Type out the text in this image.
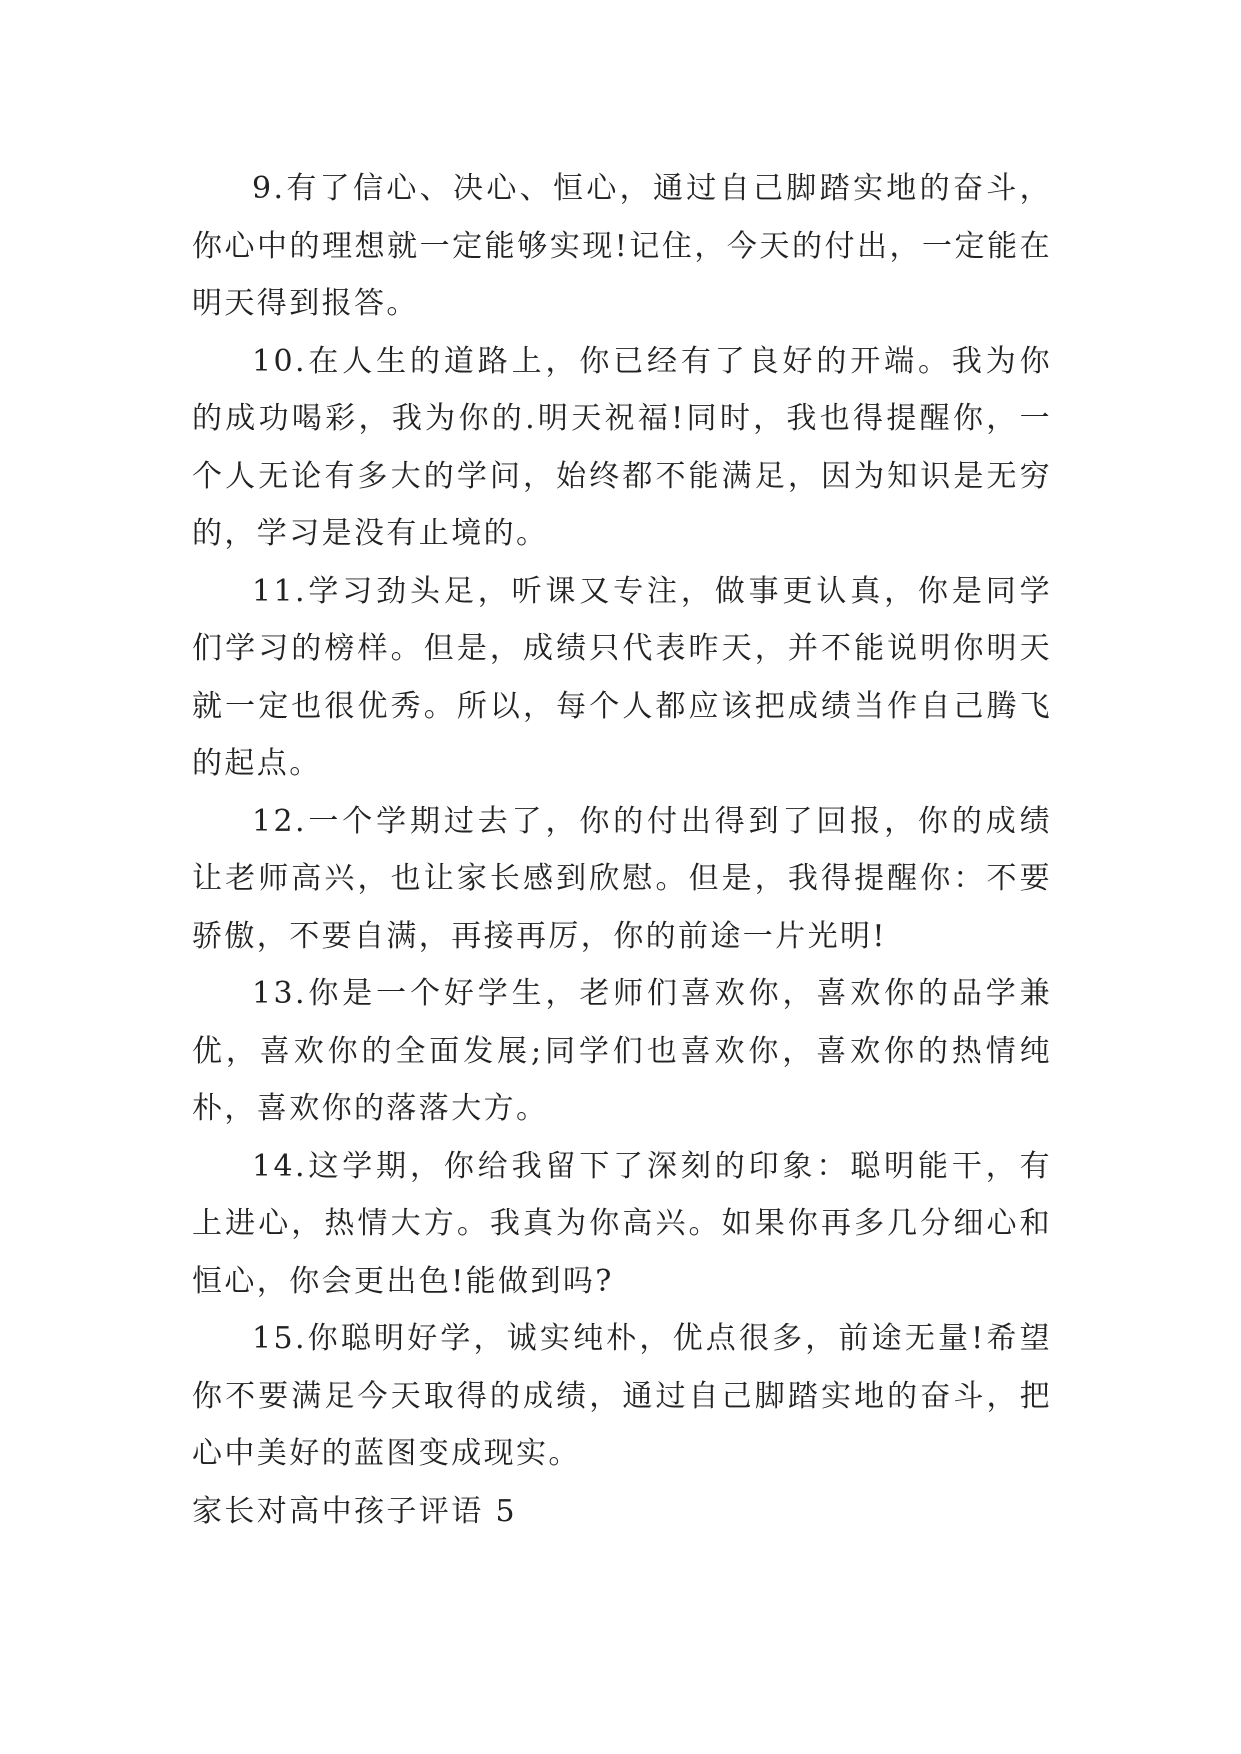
9.有了信心、决心、恒心，通过自己脚踏实地的奋斗，你心中的理想就一定能够实现!记住，今天的付出，一定能在明天得到报答。

10.在人生的道路上，你已经有了良好的开端。我为你的成功喝彩，我为你的.明天祝福!同时，我也得提醒你，一个人无论有多大的学问，始终都不能满足，因为知识是无穷的，学习是没有止境的。

11.学习劲头足，听课又专注，做事更认真，你是同学们学习的榜样。但是，成绩只代表昨天，并不能说明你明天就一定也很优秀。所以，每个人都应该把成绩当作自己腾飞的起点。

12.一个学期过去了，你的付出得到了回报，你的成绩让老师高兴，也让家长感到欣慰。但是，我得提醒你：不要骄傲，不要自满，再接再厉，你的前途一片光明!

13.你是一个好学生，老师们喜欢你，喜欢你的品学兼优，喜欢你的全面发展;同学们也喜欢你，喜欢你的热情纯朴，喜欢你的落落大方。

14.这学期，你给我留下了深刻的印象：聪明能干，有上进心，热情大方。我真为你高兴。如果你再多几分细心和恒心，你会更出色!能做到吗?

15.你聪明好学，诚实纯朴，优点很多，前途无量!希望你不要满足今天取得的成绩，通过自己脚踏实地的奋斗，把心中美好的蓝图变成现实。

家长对高中孩子评语 5
